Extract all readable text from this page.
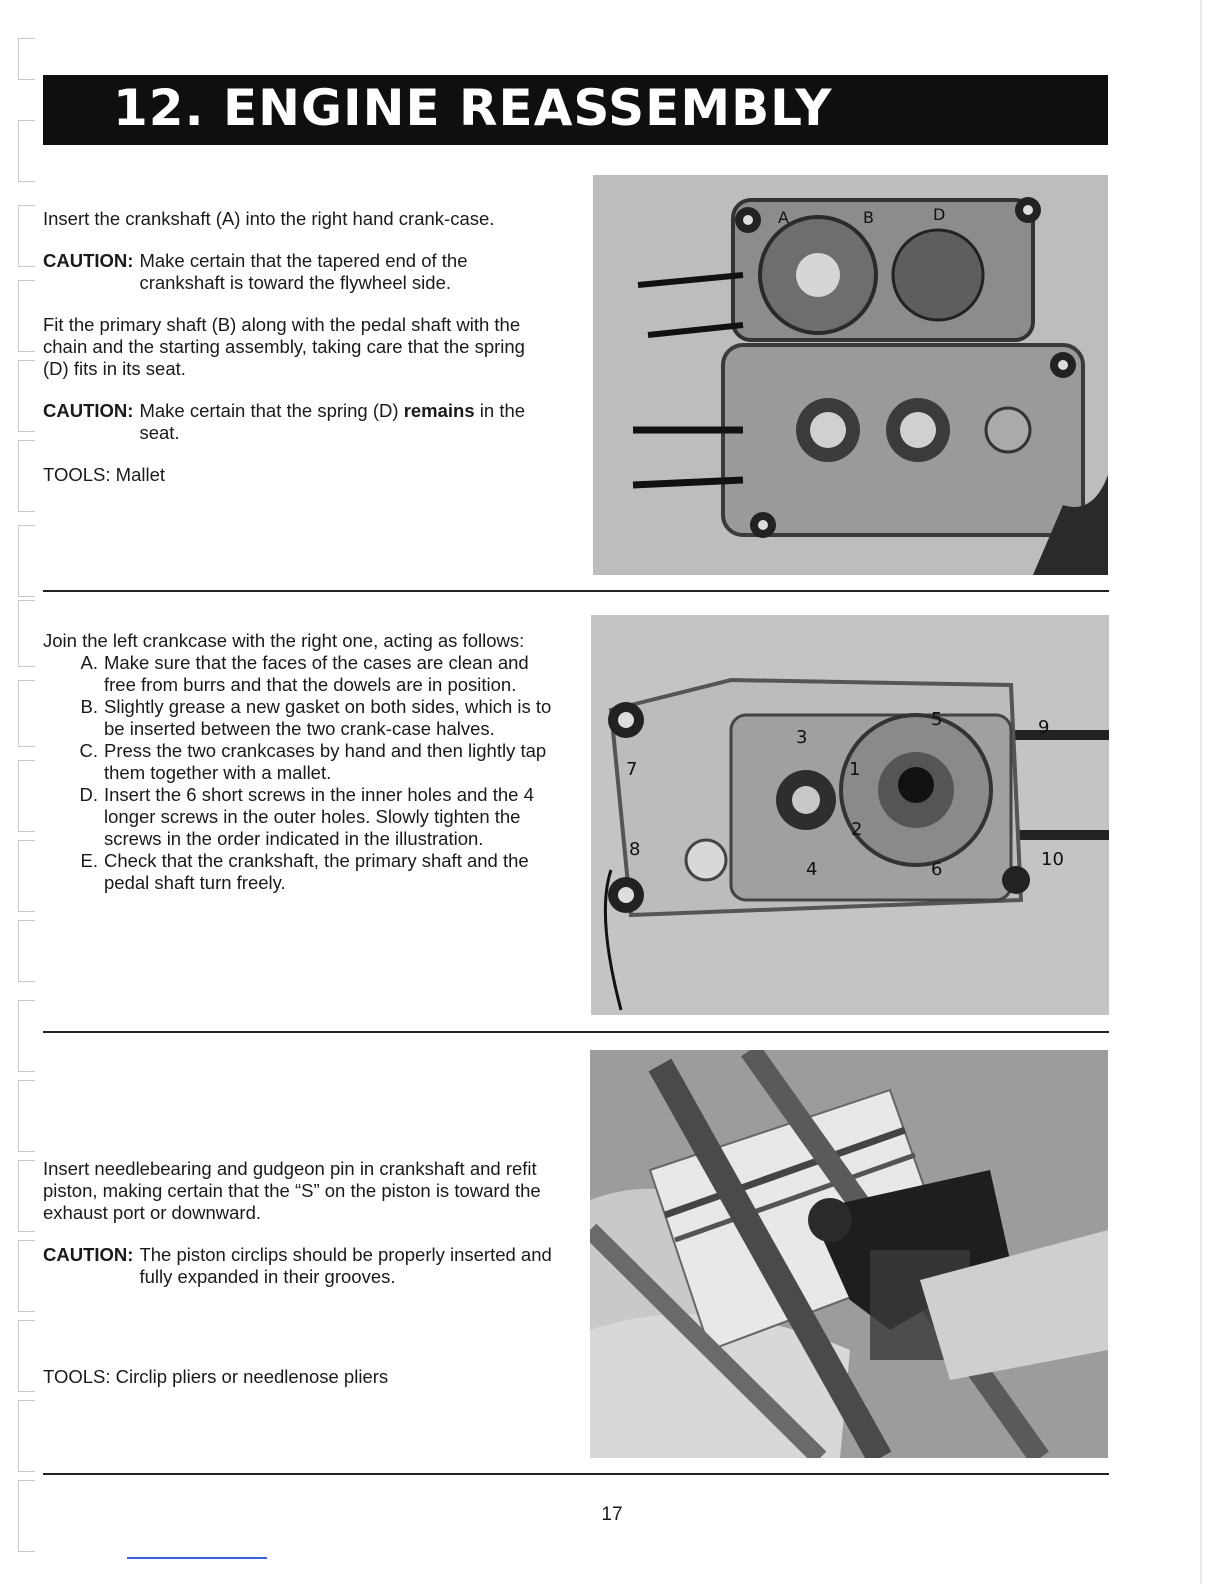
12. ENGINE REASSEMBLY

Insert the crankshaft (A) into the right hand crank-case.

CAUTION: Make certain that the tapered end of the crankshaft is toward the flywheel side.

Fit the primary shaft (B) along with the pedal shaft with the chain and the starting assembly, taking care that the spring (D) fits in its seat.

CAUTION: Make certain that the spring (D) remains in the seat.

TOOLS: Mallet

A	B	D

Join the left crankcase with the right one, acting as follows:

A. Make sure that the faces of the cases are clean and free from burrs and that the dowels are in position.
B. Slightly grease a new gasket on both sides, which is to be inserted between the two crank-case halves.
C. Press the two crankcases by hand and then lightly tap them together with a mallet.
D. Insert the 6 short screws in the inner holes and the 4 longer screws in the outer holes. Slowly tighten the screws in the order indicated in the illustration.
E. Check that the crankshaft, the primary shaft and the pedal shaft turn freely.
1
2
3
4
5
6
7
8
9
10

Insert needlebearing and gudgeon pin in crankshaft and refit piston, making certain that the “S” on the piston is toward the exhaust port or downward.

CAUTION: The piston circlips should be properly inserted and fully expanded in their grooves.

TOOLS: Circlip pliers or needlenose pliers

17
